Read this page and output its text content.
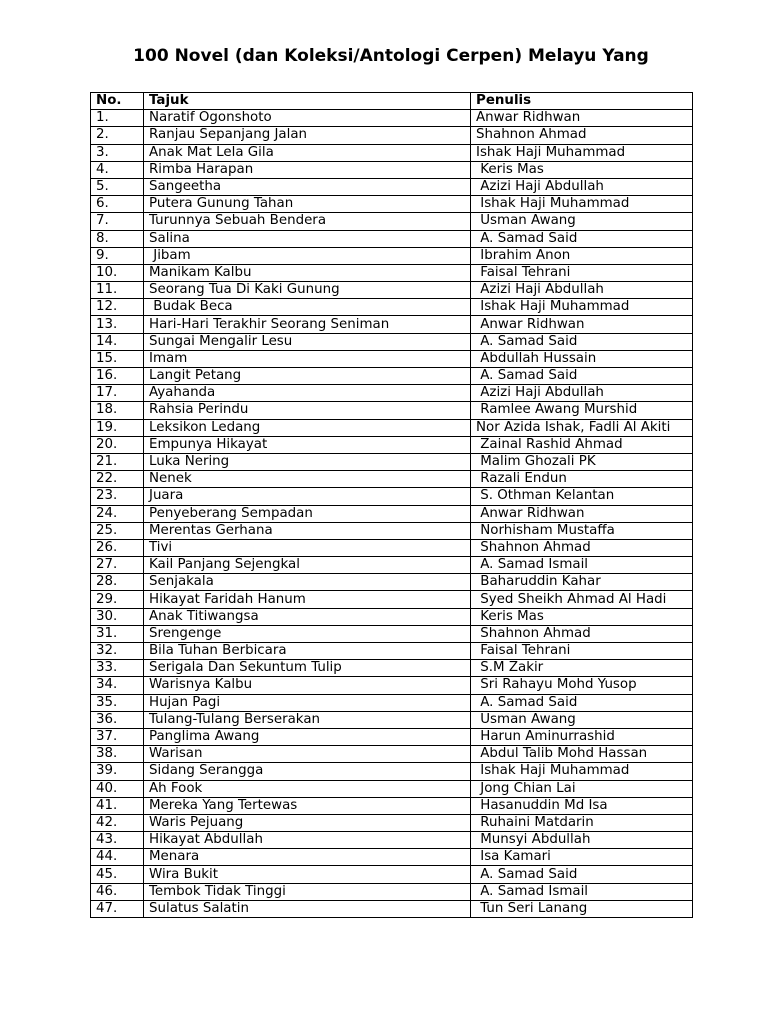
100 Novel (dan Koleksi/Antologi Cerpen) Melayu Yang
No.	Tajuk	Penulis
1.	Naratif Ogonshoto	Anwar Ridhwan
2.	Ranjau Sepanjang Jalan	Shahnon Ahmad
3.	Anak Mat Lela Gila	Ishak Haji Muhammad
4.	Rimba Harapan	Keris Mas
5.	Sangeetha	Azizi Haji Abdullah
6.	Putera Gunung Tahan	Ishak Haji Muhammad
7.	Turunnya Sebuah Bendera	Usman Awang
8.	Salina	A. Samad Said
9.	Jibam	Ibrahim Anon
10.	Manikam Kalbu	Faisal Tehrani
11.	Seorang Tua Di Kaki Gunung	Azizi Haji Abdullah
12.	Budak Beca	Ishak Haji Muhammad
13.	Hari-Hari Terakhir Seorang Seniman	Anwar Ridhwan
14.	Sungai Mengalir Lesu	A. Samad Said
15.	Imam	Abdullah Hussain
16.	Langit Petang	A. Samad Said
17.	Ayahanda	Azizi Haji Abdullah
18.	Rahsia Perindu	Ramlee Awang Murshid
19.	Leksikon Ledang	Nor Azida Ishak, Fadli Al Akiti
20.	Empunya Hikayat	Zainal Rashid Ahmad
21.	Luka Nering	Malim Ghozali PK
22.	Nenek	Razali Endun
23.	Juara	S. Othman Kelantan
24.	Penyeberang Sempadan	Anwar Ridhwan
25.	Merentas Gerhana	Norhisham Mustaffa
26.	Tivi	Shahnon Ahmad
27.	Kail Panjang Sejengkal	A. Samad Ismail
28.	Senjakala	Baharuddin Kahar
29.	Hikayat Faridah Hanum	Syed Sheikh Ahmad Al Hadi
30.	Anak Titiwangsa	Keris Mas
31.	Srengenge	Shahnon Ahmad
32.	Bila Tuhan Berbicara	Faisal Tehrani
33.	Serigala Dan Sekuntum Tulip	S.M Zakir
34.	Warisnya Kalbu	Sri Rahayu Mohd Yusop
35.	Hujan Pagi	A. Samad Said
36.	Tulang-Tulang Berserakan	Usman Awang
37.	Panglima Awang	Harun Aminurrashid
38.	Warisan	Abdul Talib Mohd Hassan
39.	Sidang Serangga	Ishak Haji Muhammad
40.	Ah Fook	Jong Chian Lai
41.	Mereka Yang Tertewas	Hasanuddin Md Isa
42.	Waris Pejuang	Ruhaini Matdarin
43.	Hikayat Abdullah	Munsyi Abdullah
44.	Menara	Isa Kamari
45.	Wira Bukit	A. Samad Said
46.	Tembok Tidak Tinggi	A. Samad Ismail
47.	Sulatus Salatin	Tun Seri Lanang
